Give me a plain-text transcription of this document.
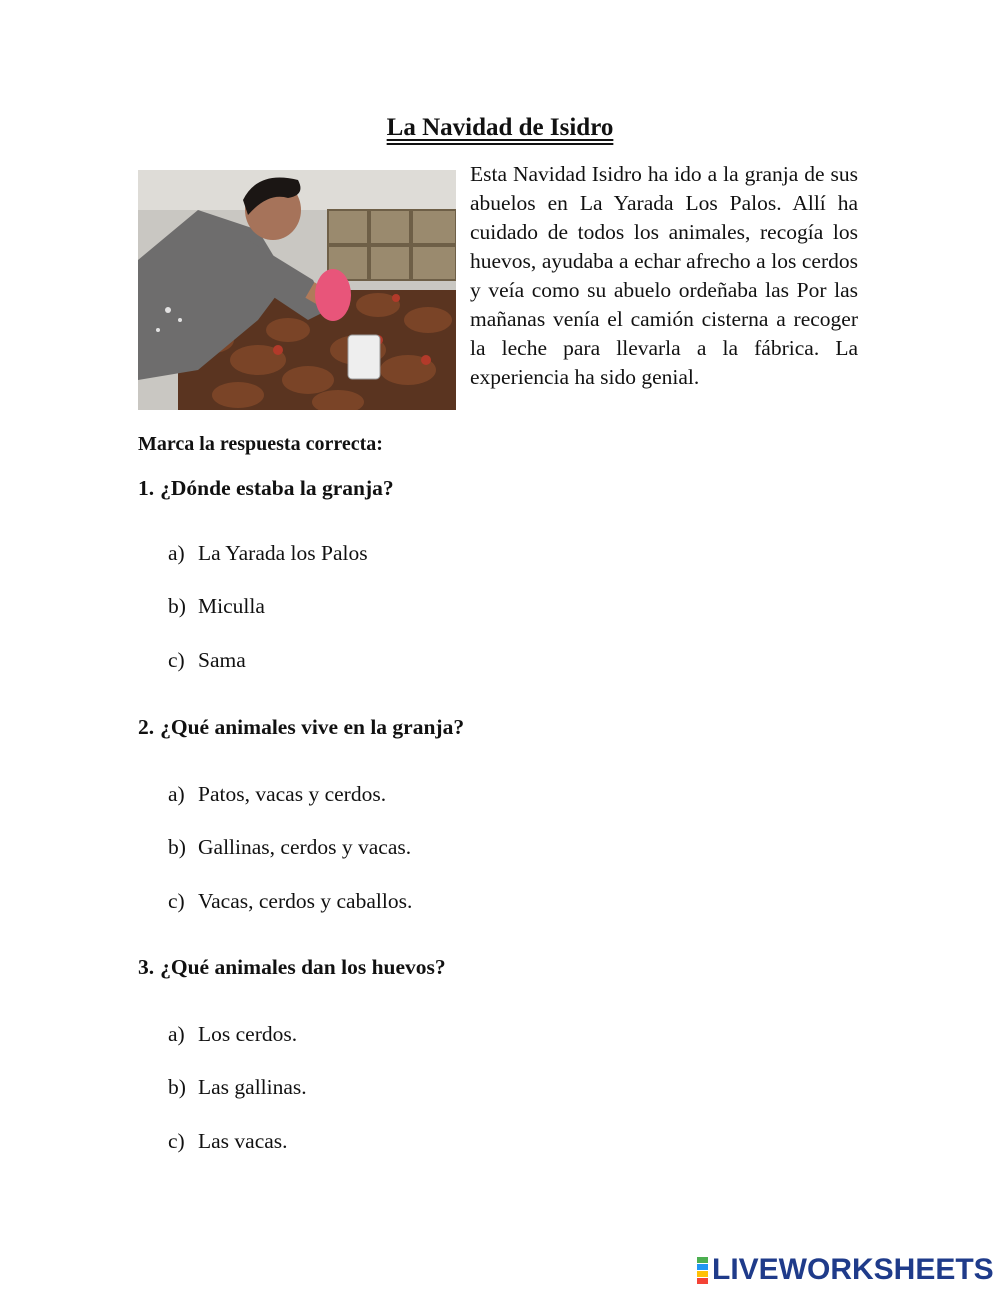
La Navidad de Isidro

Esta Navidad Isidro ha ido a la granja de sus abuelos en La Yarada Los Palos. Allí ha cuidado de todos los animales, recogía los huevos, ayudaba a echar afrecho a los cerdos y veía como su abuelo ordeñaba las Por las mañanas venía el camión cisterna a recoger la leche para llevarla a la fábrica. La experiencia ha sido genial.

Marca la respuesta correcta:

1. ¿Dónde estaba la granja?

a) La Yarada los Palos

b) Miculla

c) Sama

2. ¿Qué animales vive en la granja?

a) Patos, vacas y cerdos.

b) Gallinas, cerdos y vacas.

c) Vacas, cerdos y caballos.

3. ¿Qué animales dan los huevos?

a) Los cerdos.

b) Las gallinas.

c) Las vacas.

LIVEWORKSHEETS
